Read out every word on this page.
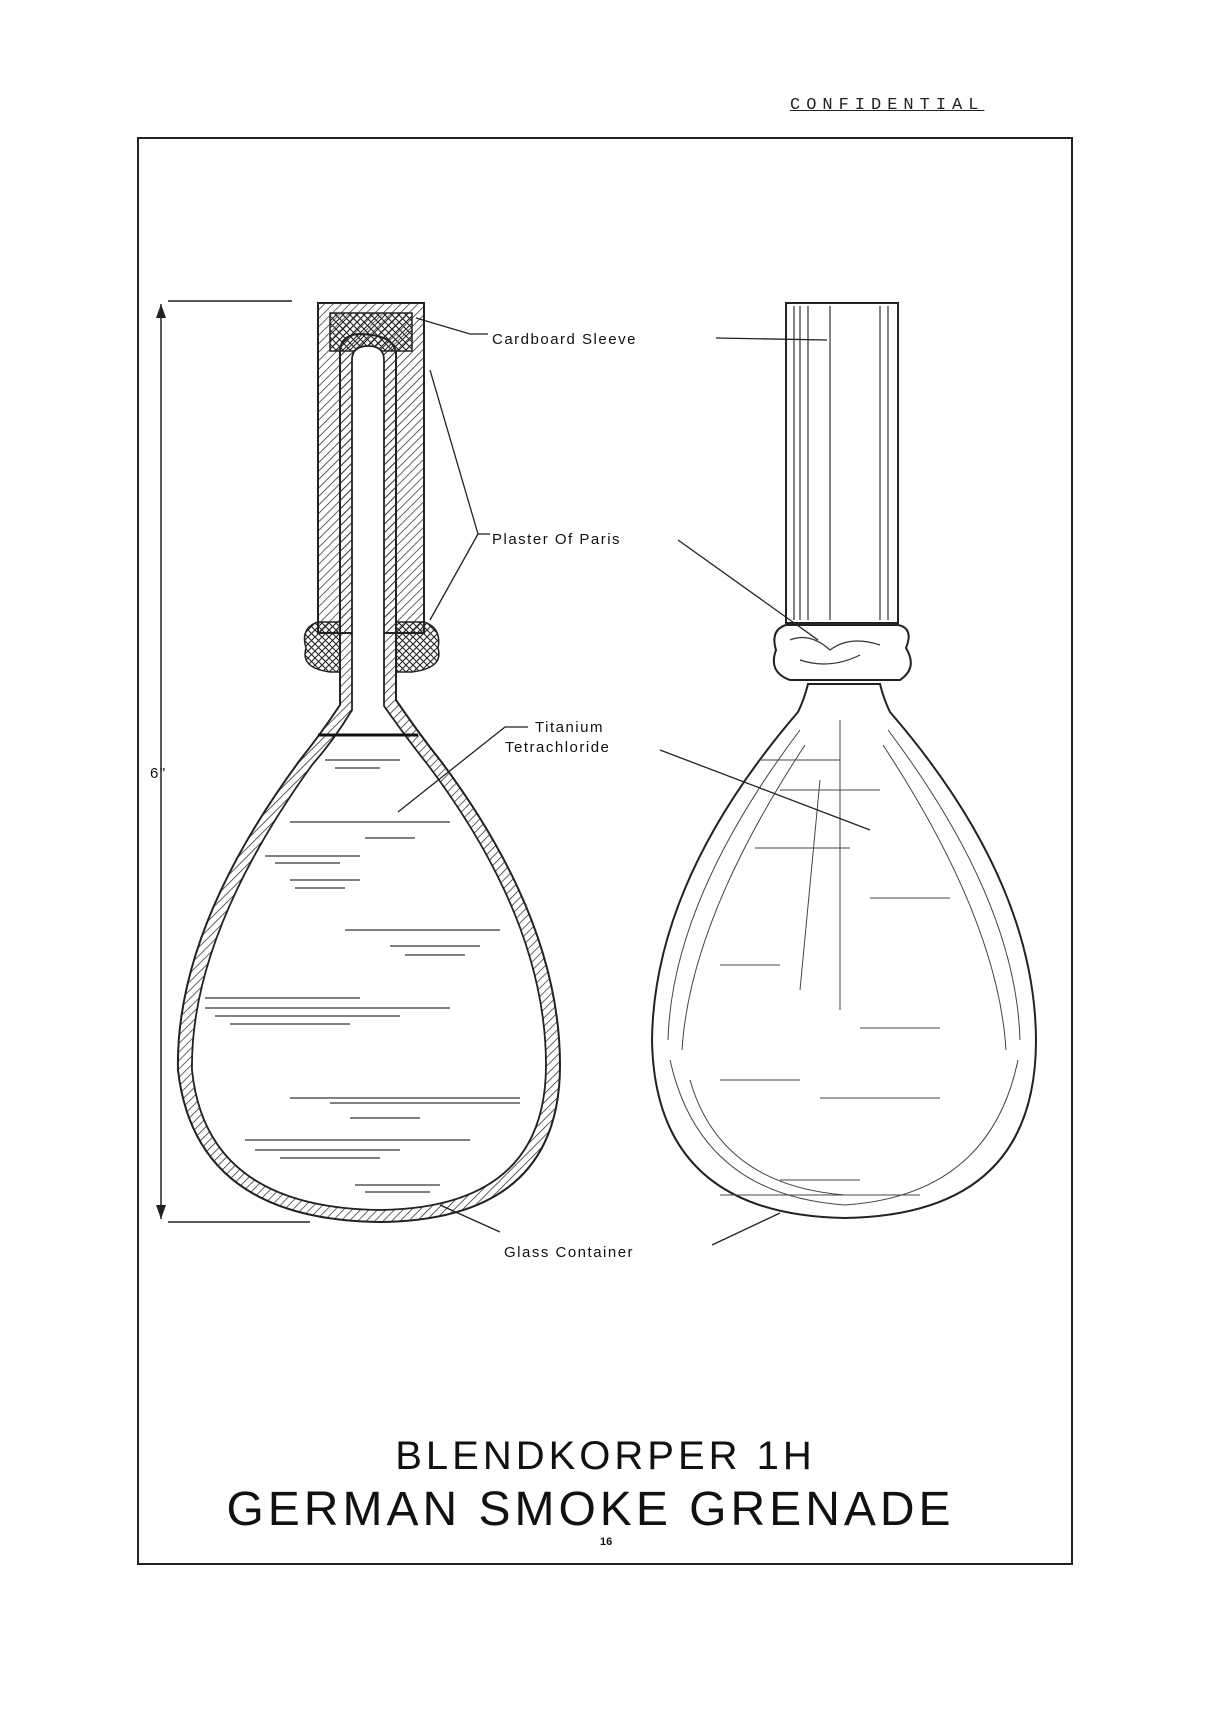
CONFIDENTIAL
6"
Cardboard Sleeve
Plaster Of Paris
Titanium
Tetrachloride
Glass Container
BLENDKORPER 1H
GERMAN SMOKE GRENADE
16
